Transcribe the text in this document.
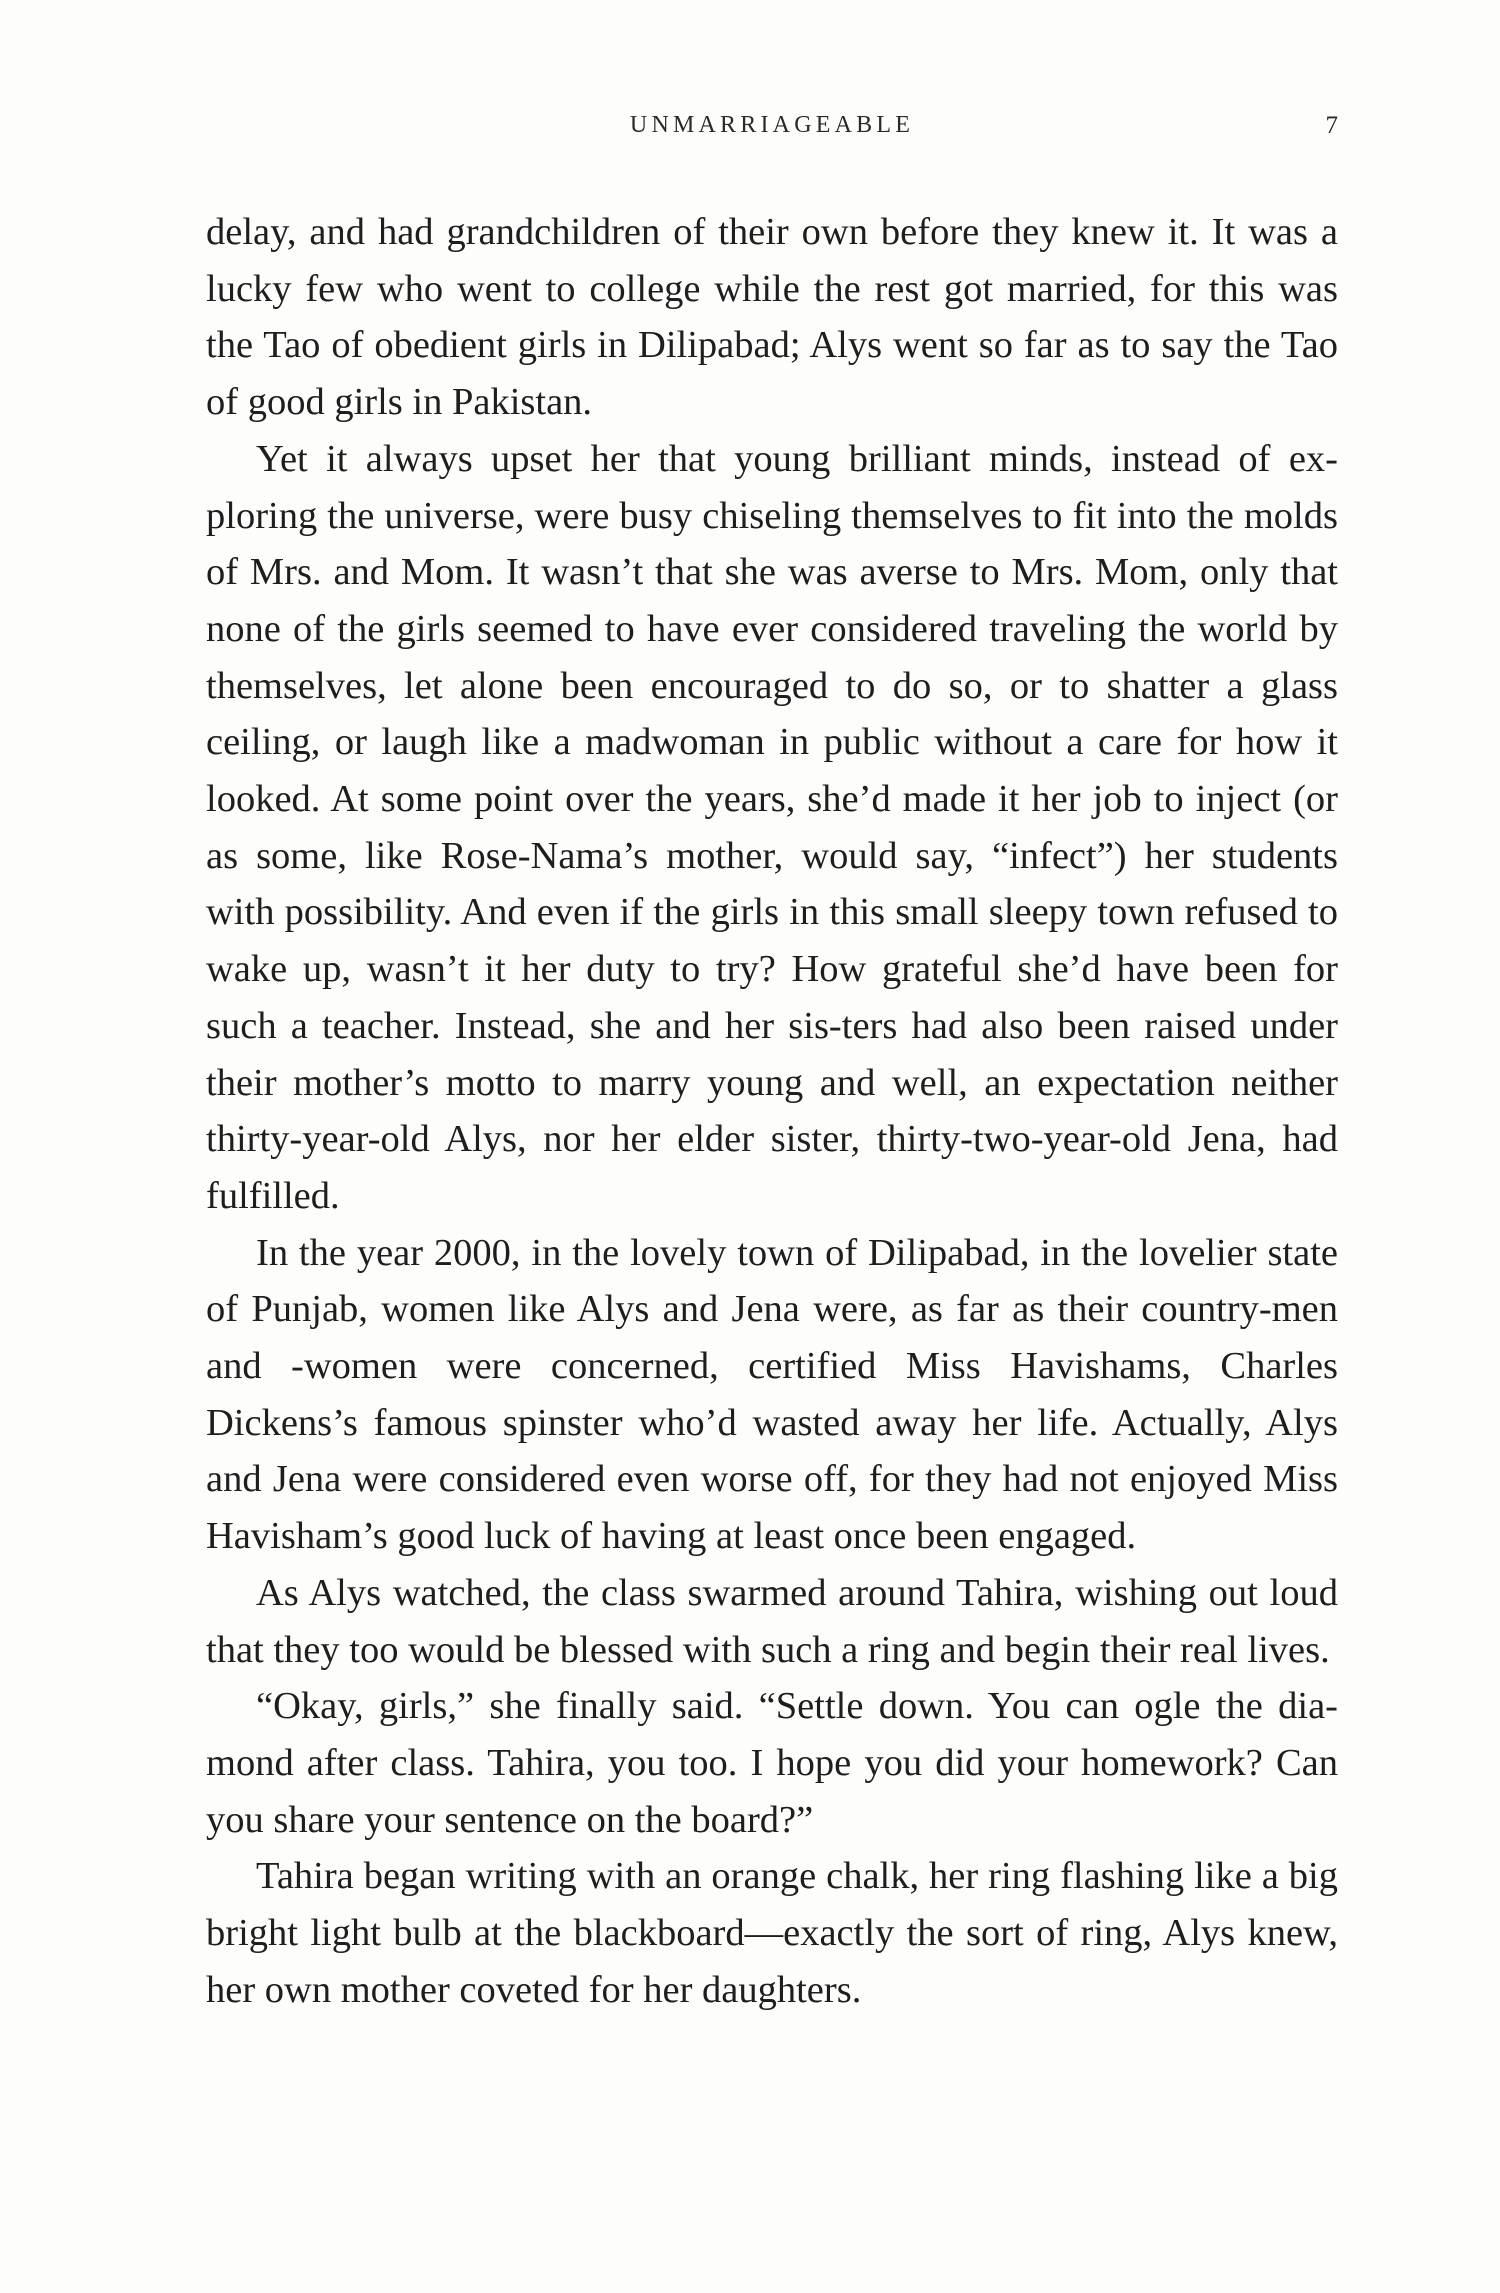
UNMARRIAGEABLE	7

delay, and had grandchildren of their own before they knew it. It was a lucky few who went to college while the rest got married, for this was the Tao of obedient girls in Dilipabad; Alys went so far as to say the Tao of good girls in Pakistan.

Yet it always upset her that young brilliant minds, instead of ex-ploring the universe, were busy chiseling themselves to fit into the molds of Mrs. and Mom. It wasn’t that she was averse to Mrs. Mom, only that none of the girls seemed to have ever considered traveling the world by themselves, let alone been encouraged to do so, or to shatter a glass ceiling, or laugh like a madwoman in public without a care for how it looked. At some point over the years, she’d made it her job to inject (or as some, like Rose-Nama’s mother, would say, “infect”) her students with possibility. And even if the girls in this small sleepy town refused to wake up, wasn’t it her duty to try? How grateful she’d have been for such a teacher. Instead, she and her sis-ters had also been raised under their mother’s motto to marry young and well, an expectation neither thirty-year-old Alys, nor her elder sister, thirty-two-year-old Jena, had fulfilled.

In the year 2000, in the lovely town of Dilipabad, in the lovelier state of Punjab, women like Alys and Jena were, as far as their country-men and -women were concerned, certified Miss Havishams, Charles Dickens’s famous spinster who’d wasted away her life. Actually, Alys and Jena were considered even worse off, for they had not enjoyed Miss Havisham’s good luck of having at least once been engaged.

As Alys watched, the class swarmed around Tahira, wishing out loud that they too would be blessed with such a ring and begin their real lives.

“Okay, girls,” she finally said. “Settle down. You can ogle the dia-mond after class. Tahira, you too. I hope you did your homework? Can you share your sentence on the board?”

Tahira began writing with an orange chalk, her ring flashing like a big bright light bulb at the blackboard—exactly the sort of ring, Alys knew, her own mother coveted for her daughters.
